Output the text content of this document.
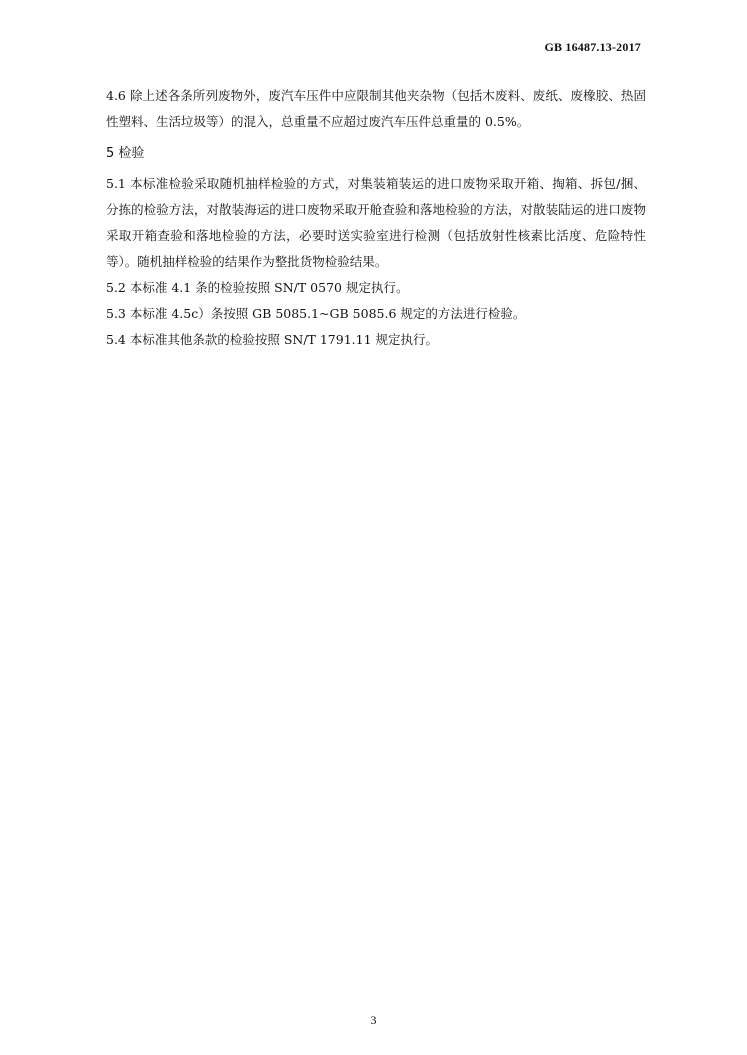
GB 16487.13-2017

4.6 除上述各条所列废物外，废汽车压件中应限制其他夹杂物（包括木废料、废纸、废橡胶、热固性塑料、生活垃圾等）的混入，总重量不应超过废汽车压件总重量的 0.5%。

5 检验

5.1 本标准检验采取随机抽样检验的方式，对集装箱装运的进口废物采取开箱、掏箱、拆包/捆、分拣的检验方法，对散装海运的进口废物采取开舱查验和落地检验的方法，对散装陆运的进口废物采取开箱查验和落地检验的方法，必要时送实验室进行检测（包括放射性核素比活度、危险特性等）。随机抽样检验的结果作为整批货物检验结果。

5.2 本标准 4.1 条的检验按照 SN/T 0570 规定执行。

5.3 本标准 4.5c）条按照 GB 5085.1~GB 5085.6 规定的方法进行检验。

5.4 本标准其他条款的检验按照 SN/T 1791.11 规定执行。

3
